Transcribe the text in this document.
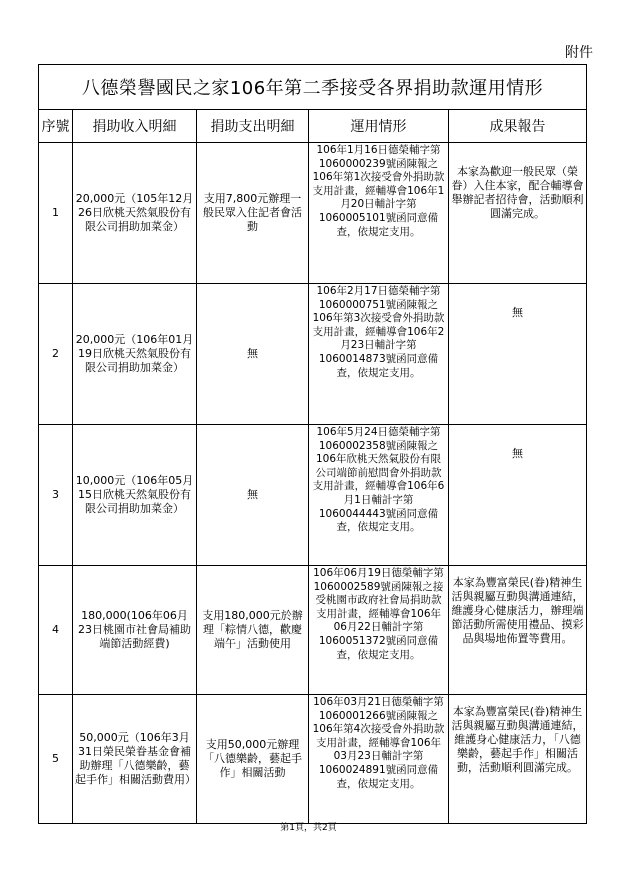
附件
八德榮譽國民之家106年第二季接受各界捐助款運用情形				
序號	捐助收入明細	捐助支出明細	運用情形	成果報告
1	20,000元（105年12月26日欣桃天然氣股份有限公司捐助加菜金）	支用7,800元辦理一般民眾入住記者會活動	106年1月16日德榮輔字第1060000239號函陳報之106年第1次接受會外捐助款支用計畫，經輔導會106年1月20日輔計字第1060005101號函同意備查，依規定支用。	本家為歡迎一般民眾（榮眷）入住本家，配合輔導會舉辦記者招待會，活動順利圓滿完成。
2	20,000元（106年01月19日欣桃天然氣股份有限公司捐助加菜金）	無	106年2月17日德榮輔字第1060000751號函陳報之106年第3次接受會外捐助款支用計畫，經輔導會106年2月23日輔計字第1060014873號函同意備查，依規定支用。	無
3	10,000元（106年05月15日欣桃天然氣股份有限公司捐助加菜金）	無	106年5月24日德榮輔字第1060002358號函陳報之106年欣桃天然氣股份有限公司端節前慰問會外捐助款支用計畫，經輔導會106年6月1日輔計字第1060044443號函同意備查，依規定支用。	無
4	180,000(106年06月23日桃園市社會局補助端節活動經費)	支用180,000元於辦理「粽情八德，歡慶端午」活動使用	106年06月19日德榮輔字第1060002589號函陳報之接受桃園市政府社會局捐助款支用計畫，經輔導會106年06月22日輔計字第1060051372號函同意備查，依規定支用。	本家為豐富榮民(眷)精神生活與親屬互動與溝通連結，維護身心健康活力，辦理端節活動所需使用禮品、摸彩品與場地佈置等費用。
5	50,000元（106年3月31日榮民榮眷基金會補助辦理「八德樂齡，藝起手作」相關活動費用）	支用50,000元辦理「八德樂齡，藝起手作」相關活動	106年03月21日德榮輔字第1060001266號函陳報之106年第4次接受會外捐助款支用計畫，經輔導會106年03月23日輔計字第1060024891號函同意備查，依規定支用。	本家為豐富榮民(眷)精神生活與親屬互動與溝通連結，維護身心健康活力，「八德樂齡，藝起手作」相關活動，活動順利圓滿完成。
第1頁，共2頁
